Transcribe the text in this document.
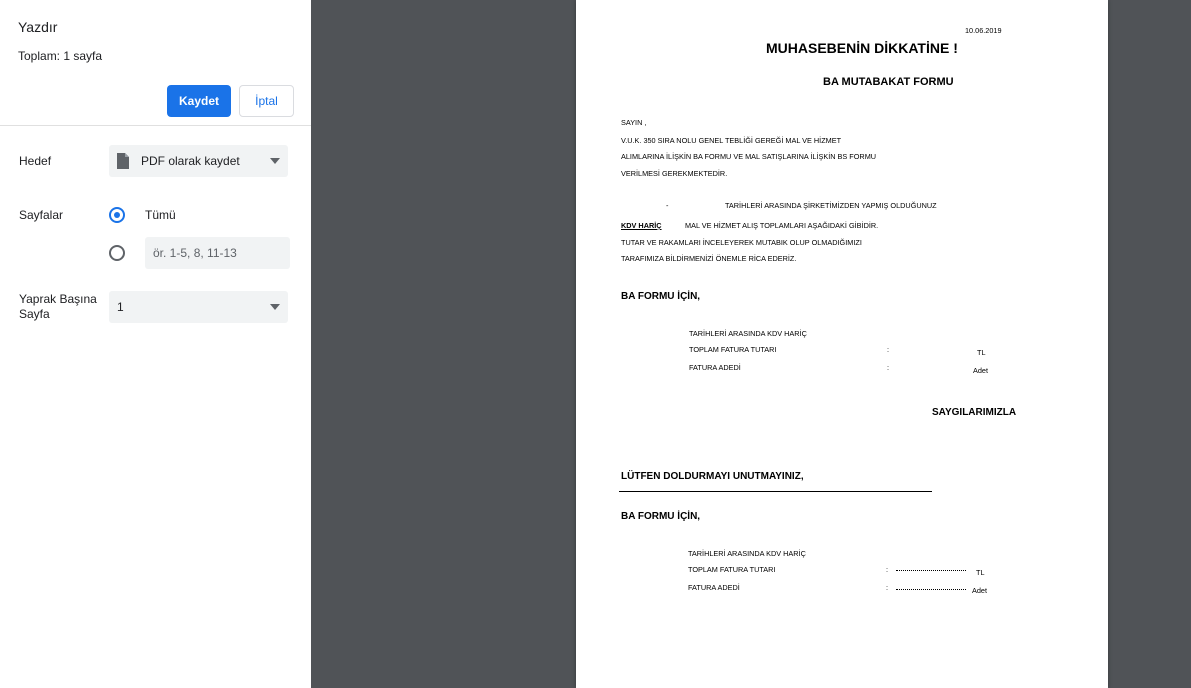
Yazdır
Toplam: 1 sayfa
Kaydet	İptal
Hedef	PDF olarak kaydet
Sayfalar	Tümü
ör. 1-5, 8, 11-13
Yaprak Başına
Sayfa	1
10.06.2019
MUHASEBENİN DİKKATİNE !
BA MUTABAKAT FORMU
SAYIN ,
V.U.K. 350 SIRA NOLU GENEL TEBLİĞİ GEREĞİ MAL VE HİZMET
ALIMLARINA İLİŞKİN BA FORMU VE MAL SATIŞLARINA İLİŞKİN BS FORMU
VERİLMESİ GEREKMEKTEDİR.
-	TARİHLERİ ARASINDA ŞİRKETİMİZDEN YAPMIŞ OLDUĞUNUZ
KDV HARİÇ	MAL VE HİZMET ALIŞ TOPLAMLARI AŞAĞIDAKİ GİBİDİR.
TUTAR VE RAKAMLARI İNCELEYEREK MUTABIK OLUP OLMADIĞIMIZI
TARAFIMIZA BİLDİRMENİZİ ÖNEMLE RİCA EDERİZ.
BA FORMU İÇİN,
TARİHLERİ ARASINDA KDV HARİÇ
TOPLAM FATURA TUTARI	:	TL
FATURA ADEDİ	:	Adet
SAYGILARIMIZLA
LÜTFEN DOLDURMAYI UNUTMAYINIZ,
BA FORMU İÇİN,
TARİHLERİ ARASINDA KDV HARİÇ
TOPLAM FATURA TUTARI	:	TL
FATURA ADEDİ	:	Adet
